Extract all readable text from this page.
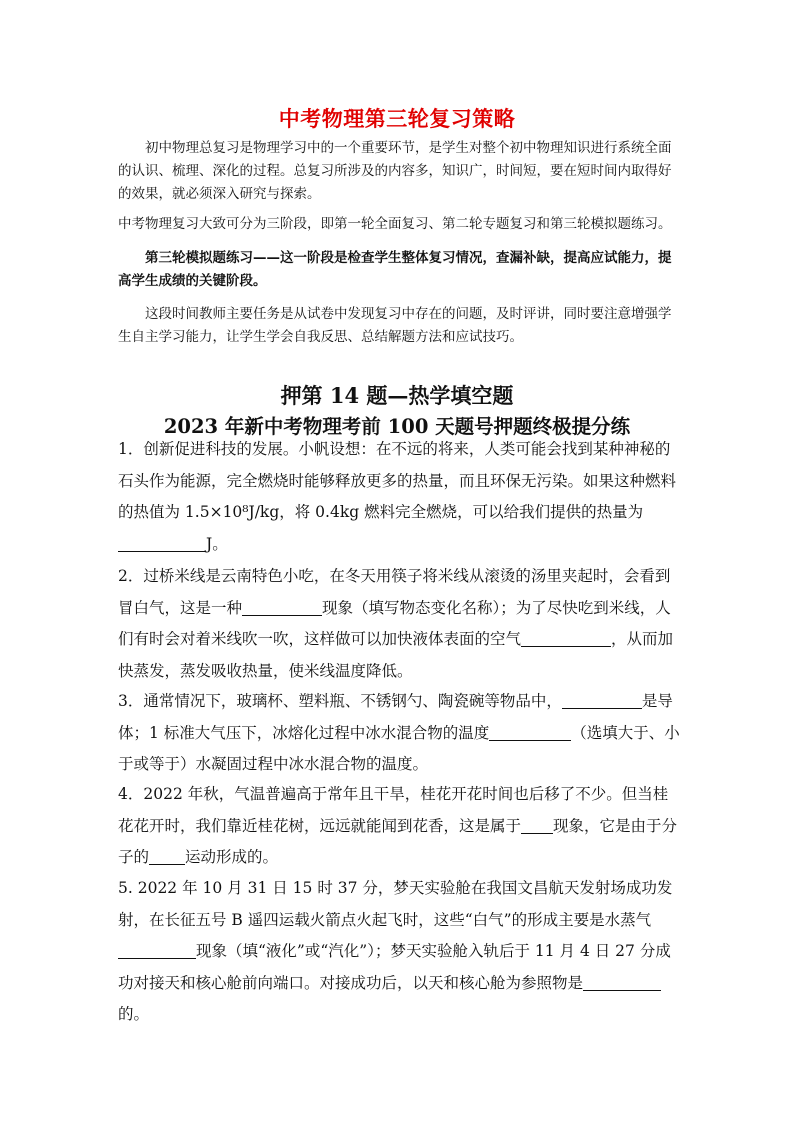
中考物理第三轮复习策略
初中物理总复习是物理学习中的一个重要环节，是学生对整个初中物理知识进行系统全面的认识、梳理、深化的过程。总复习所涉及的内容多，知识广，时间短，要在短时间内取得好的效果，就必须深入研究与探索。
中考物理复习大致可分为三阶段，即第一轮全面复习、第二轮专题复习和第三轮模拟题练习。
第三轮模拟题练习——这一阶段是检查学生整体复习情况，查漏补缺，提高应试能力，提高学生成绩的关键阶段。
这段时间教师主要任务是从试卷中发现复习中存在的问题，及时评讲，同时要注意增强学生自主学习能力，让学生学会自我反思、总结解题方法和应试技巧。
押第 14 题—热学填空题
2023 年新中考物理考前 100 天题号押题终极提分练
1．创新促进科技的发展。小帆设想：在不远的将来，人类可能会找到某种神秘的石头作为能源，完全燃烧时能够释放更多的热量，而且环保无污染。如果这种燃料的热值为 1.5×10⁸J/kg，将 0.4kg 燃料完全燃烧，可以给我们提供的热量为
J。
2．过桥米线是云南特色小吃，在冬天用筷子将米线从滚烫的汤里夹起时，会看到冒白气，这是一种	现象（填写物态变化名称）；为了尽快吃到米线，人们有时会对着米线吹一吹，这样做可以加快液体表面的空气	，从而加快蒸发，蒸发吸收热量，使米线温度降低。
3．通常情况下，玻璃杯、塑料瓶、不锈钢勺、陶瓷碗等物品中，	是导体；1 标准大气压下，冰熔化过程中冰水混合物的温度	（选填大于、小于或等于）水凝固过程中冰水混合物的温度。
4．2022 年秋，气温普遍高于常年且干旱，桂花开花时间也后移了不少。但当桂花花开时，我们靠近桂花树，远远就能闻到花香，这是属于 现象，它是由于分子的 运动形成的。
5. 2022 年 10 月 31 日 15 时 37 分，梦天实验舱在我国文昌航天发射场成功发射，在长征五号 B 遥四运载火箭点火起飞时，这些“白气”的形成主要是水蒸气
现象（填“液化”或“汽化”）；梦天实验舱入轨后于 11 月 4 日 27 分成功对接天和核心舱前向端口。对接成功后，以天和核心舱为参照物是的。
